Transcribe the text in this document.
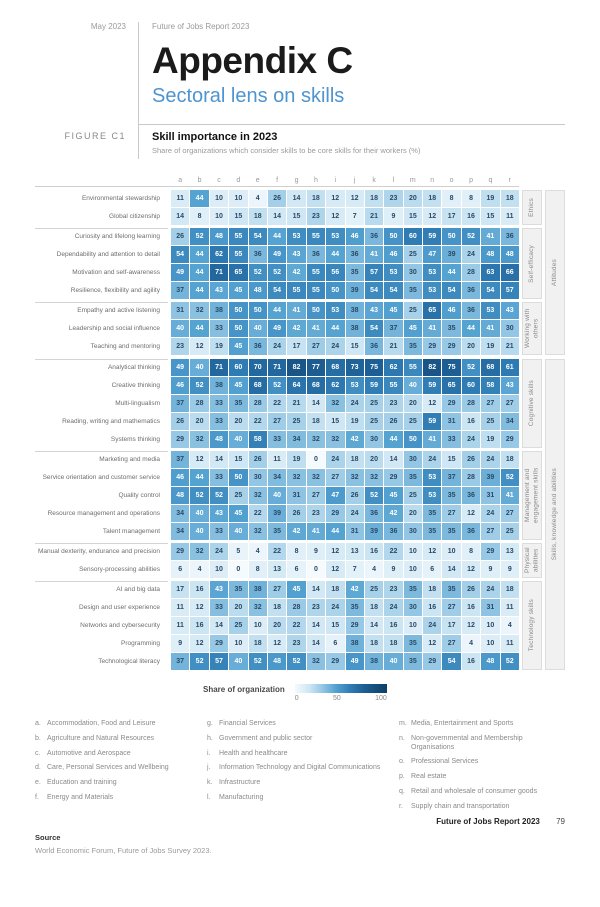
May 2023	Future of Jobs Report 2023
Appendix C
Sectoral lens on skills
FIGURE C1	Skill importance in 2023
Share of organizations which consider skills to be core skills for their workers (%)
a	b	c	d	e	f	g	h	i	j	k	l	m	n	o	p	q	r
Environmental stewardship	11	44	10	10	4	26	14	18	12	12	18	23	20	18	8	8	19	18
Global citizenship	14	8	10	15	18	14	15	23	12	7	21	9	15	12	17	16	15	11	Ethics
Curiosity and lifelong learning	26	52	48	55	54	44	53	55	53	46	36	50	60	59	50	52	41	36
Dependability and attention to detail	54	44	62	55	36	49	43	36	44	36	41	46	25	47	39	24	48	48
Motivation and self-awareness	49	44	71	65	52	52	42	55	56	35	57	53	30	53	44	28	63	66
Resilience, flexibility and agility	37	44	43	45	48	54	55	55	50	39	54	54	35	53	54	36	54	57
Self-efficacy
Empathy and active listening	31	32	38	50	50	44	41	50	53	38	43	45	25	65	46	36	53	43
Leadership and social influence	40	44	33	50	40	49	42	41	44	38	54	37	45	41	35	44	41	30
Teaching and mentoring	23	12	19	45	36	24	17	27	24	15	36	21	35	29	29	20	19	21	Working with others
Attitudes
Analytical thinking	49	40	71	60	70	71	82	77	68	73	75	62	55	82	75	52	68	61
Creative thinking	46	52	38	45	68	52	64	68	62	53	59	55	40	59	65	60	58	43
Multi-lingualism	37	28	33	35	28	22	21	14	32	24	25	23	20	12	29	28	27	27
Reading, writing and mathematics	26	20	33	20	22	27	25	18	15	19	25	26	25	59	31	16	25	34
Systems thinking	29	32	48	40	58	33	34	32	32	42	30	44	50	41	33	24	19	29
Cognitive skills
Marketing and media	37	12	14	15	26	11	19	0	24	18	20	14	30	24	15	26	24	18
Service orientation and customer service	46	44	33	50	30	34	32	32	27	32	32	29	35	53	37	28	39	52
Quality control	48	52	52	25	32	40	31	27	47	26	52	45	25	53	35	36	31	41
Resource management and operations	34	40	43	45	22	39	26	23	29	24	36	42	20	35	27	12	24	27
Talent management	34	40	33	40	32	35	42	41	44	31	39	36	30	35	35	36	27	25
Management and engagement skills
Manual dexterity, endurance and precision	29	32	24	5	4	22	8	9	12	13	16	22	10	12	10	8	29	13
Sensory-processing abilities	6	4	10	0	8	13	6	0	12	7	4	9	10	6	14	12	9	9	Physical abilities
AI and big data	17	16	43	35	38	27	45	14	18	42	25	23	35	18	35	26	24	18
Design and user experience	11	12	33	20	32	18	28	23	24	35	18	24	30	16	27	16	31	11
Networks and cybersecurity	11	16	14	25	10	20	22	14	15	29	14	16	10	24	17	12	10	4
Programming	9	12	29	10	18	12	23	14	6	38	18	18	35	12	27	4	10	11
Technological literacy	37	52	57	40	52	48	52	32	29	49	38	40	35	29	54	16	48	52
Technology skills
Skills, knowledge and abilities
Share of organization
0	50	100
a. Accommodation, Food and Leisure
b. Agriculture and Natural Resources
c. Automotive and Aerospace
d. Care, Personal Services and Wellbeing
e. Education and training
f.	Energy and Materials
g. Financial Services
h. Government and public sector
i.	Health and healthcare
j.	Information Technology and Digital Communications
k. Infrastructure
l.	Manufacturing
m. Media, Entertainment and Sports
n. Non-governmental and Membership Organisations
o. Professional Services
p. Real estate
q. Retail and wholesale of consumer goods
r.	Supply chain and transportation
Source
World Economic Forum, Future of Jobs Survey 2023.
Future of Jobs Report 2023 79
